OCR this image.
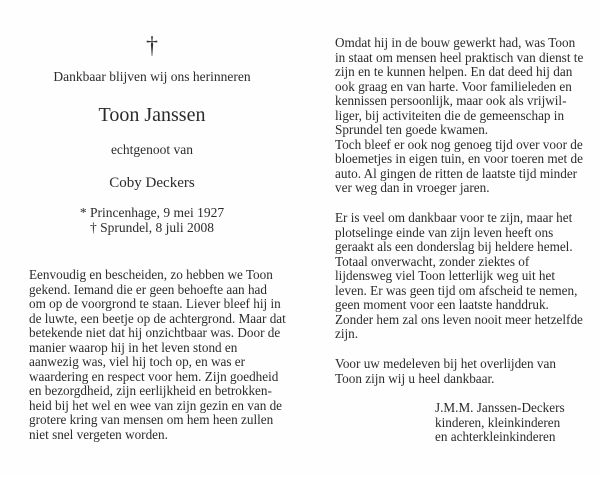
†
Dankbaar blijven wij ons herinneren
Toon Janssen
echtgenoot van
Coby Deckers
* Princenhage, 9 mei 1927
† Sprundel, 8 juli 2008
Eenvoudig en bescheiden, zo hebben we Toon
gekend. Iemand die er geen behoefte aan had
om op de voorgrond te staan. Liever bleef hij in
de luwte, een beetje op de achtergrond. Maar dat
betekende niet dat hij onzichtbaar was. Door de
manier waarop hij in het leven stond en
aanwezig was, viel hij toch op, en was er
waardering en respect voor hem. Zijn goedheid
en bezorgdheid, zijn eerlijkheid en betrokken-
heid bij het wel en wee van zijn gezin en van de
grotere kring van mensen om hem heen zullen
niet snel vergeten worden.
Omdat hij in de bouw gewerkt had, was Toon
in staat om mensen heel praktisch van dienst te
zijn en te kunnen helpen. En dat deed hij dan
ook graag en van harte. Voor familieleden en
kennissen persoonlijk, maar ook als vrijwil-
liger, bij activiteiten die de gemeenschap in
Sprundel ten goede kwamen.
Toch bleef er ook nog genoeg tijd over voor de
bloemetjes in eigen tuin, en voor toeren met de
auto. Al gingen de ritten de laatste tijd minder
ver weg dan in vroeger jaren.
Er is veel om dankbaar voor te zijn, maar het
plotselinge einde van zijn leven heeft ons
geraakt als een donderslag bij heldere hemel.
Totaal onverwacht, zonder ziektes of
lijdensweg viel Toon letterlijk weg uit het
leven. Er was geen tijd om afscheid te nemen,
geen moment voor een laatste handdruk.
Zonder hem zal ons leven nooit meer hetzelfde
zijn.
Voor uw medeleven bij het overlijden van
Toon zijn wij u heel dankbaar.
J.M.M. Janssen-Deckers
kinderen, kleinkinderen
en achterkleinkinderen
